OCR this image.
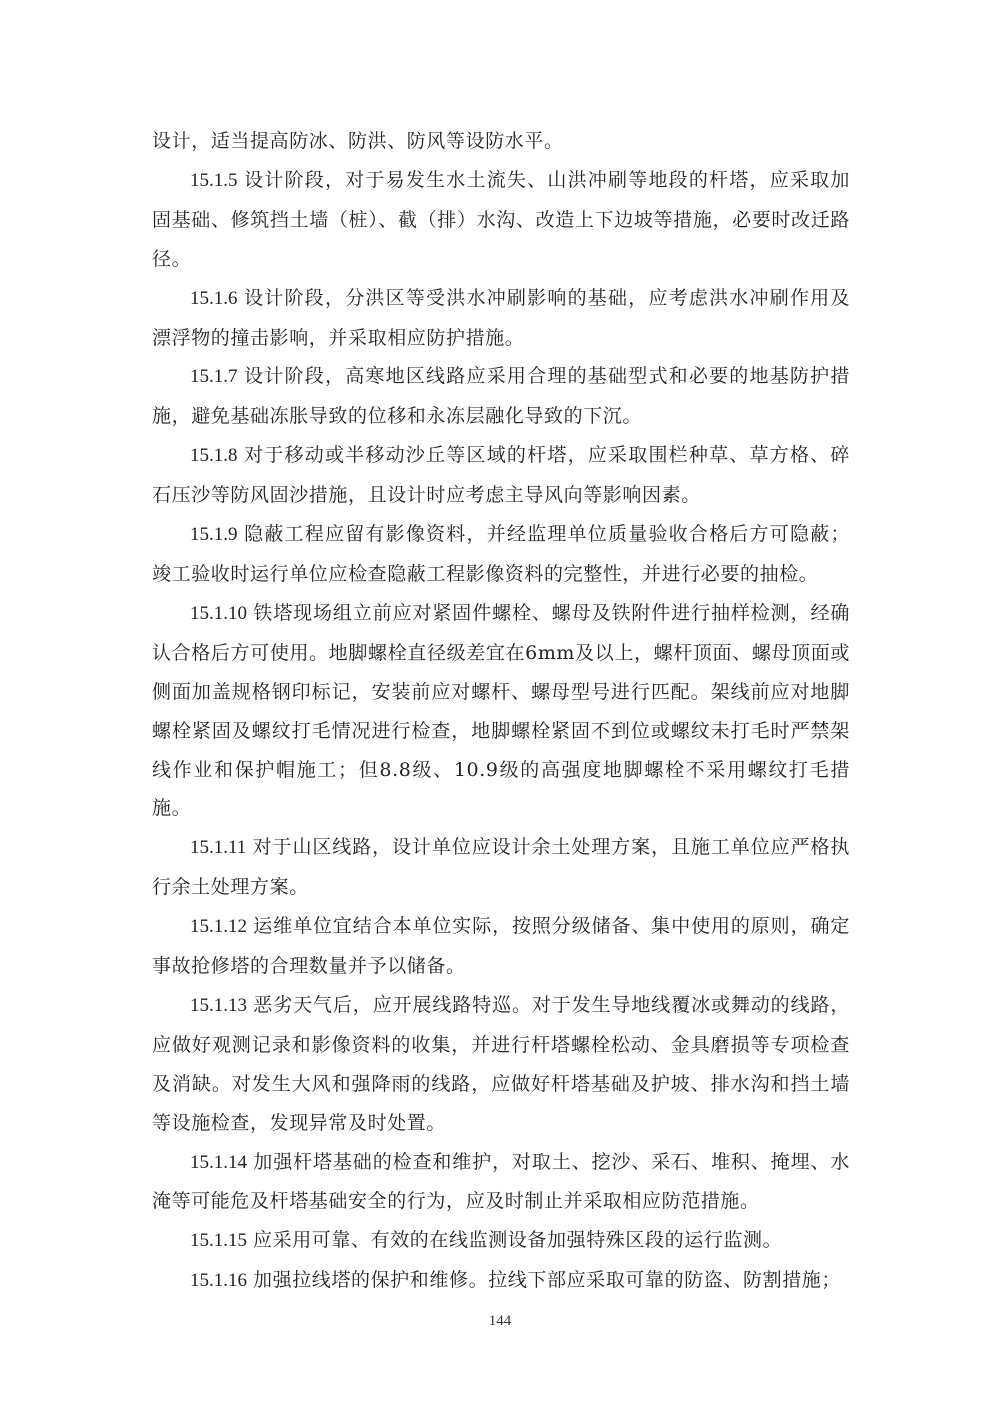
设计，适当提高防冰、防洪、防风等设防水平。

15.1.5 设计阶段，对于易发生水土流失、山洪冲刷等地段的杆塔，应采取加固基础、修筑挡土墙（桩）、截（排）水沟、改造上下边坡等措施，必要时改迁路径。

15.1.6 设计阶段，分洪区等受洪水冲刷影响的基础，应考虑洪水冲刷作用及漂浮物的撞击影响，并采取相应防护措施。

15.1.7 设计阶段，高寒地区线路应采用合理的基础型式和必要的地基防护措施，避免基础冻胀导致的位移和永冻层融化导致的下沉。

15.1.8 对于移动或半移动沙丘等区域的杆塔，应采取围栏种草、草方格、碎石压沙等防风固沙措施，且设计时应考虑主导风向等影响因素。

15.1.9 隐蔽工程应留有影像资料，并经监理单位质量验收合格后方可隐蔽；竣工验收时运行单位应检查隐蔽工程影像资料的完整性，并进行必要的抽检。

15.1.10 铁塔现场组立前应对紧固件螺栓、螺母及铁附件进行抽样检测，经确认合格后方可使用。地脚螺栓直径级差宜在6mm及以上，螺杆顶面、螺母顶面或侧面加盖规格钢印标记，安装前应对螺杆、螺母型号进行匹配。架线前应对地脚螺栓紧固及螺纹打毛情况进行检查，地脚螺栓紧固不到位或螺纹未打毛时严禁架线作业和保护帽施工；但8.8级、10.9级的高强度地脚螺栓不采用螺纹打毛措施。

15.1.11 对于山区线路，设计单位应设计余土处理方案，且施工单位应严格执行余土处理方案。

15.1.12 运维单位宜结合本单位实际，按照分级储备、集中使用的原则，确定事故抢修塔的合理数量并予以储备。

15.1.13 恶劣天气后，应开展线路特巡。对于发生导地线覆冰或舞动的线路，应做好观测记录和影像资料的收集，并进行杆塔螺栓松动、金具磨损等专项检查及消缺。对发生大风和强降雨的线路，应做好杆塔基础及护坡、排水沟和挡土墙等设施检查，发现异常及时处置。

15.1.14 加强杆塔基础的检查和维护，对取土、挖沙、采石、堆积、掩埋、水淹等可能危及杆塔基础安全的行为，应及时制止并采取相应防范措施。

15.1.15 应采用可靠、有效的在线监测设备加强特殊区段的运行监测。

15.1.16 加强拉线塔的保护和维修。拉线下部应采取可靠的防盗、防割措施；

144
